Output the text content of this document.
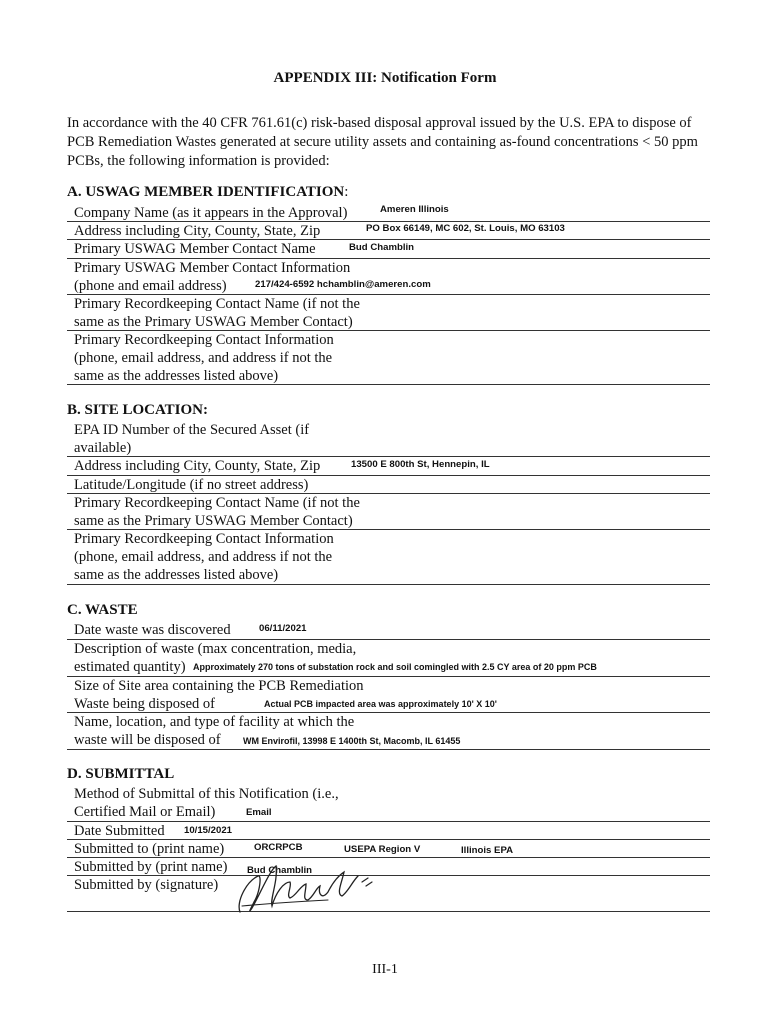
APPENDIX III: Notification Form
In accordance with the 40 CFR 761.61(c) risk-based disposal approval issued by the U.S. EPA to dispose of PCB Remediation Wastes generated at secure utility assets and containing as-found concentrations < 50 ppm PCBs, the following information is provided:
A. USWAG MEMBER IDENTIFICATION:
Company Name (as it appears in the Approval)	Ameren Illinois
Address including City, County, State, Zip	PO Box 66149, MC 602, St. Louis, MO 63103
Primary USWAG Member Contact Name	Bud Chamblin
Primary USWAG Member Contact Information
(phone and email address)	217/424-6592 hchamblin@ameren.com
Primary Recordkeeping Contact Name (if not the
same as the Primary USWAG Member Contact)
Primary Recordkeeping Contact Information
(phone, email address, and address if not the
same as the addresses listed above)
B. SITE LOCATION:
EPA ID Number of the Secured Asset (if
available)
Address including City, County, State, Zip	13500 E 800th St, Hennepin, IL
Latitude/Longitude (if no street address)
Primary Recordkeeping Contact Name (if not the
same as the Primary USWAG Member Contact)
Primary Recordkeeping Contact Information
(phone, email address, and address if not the
same as the addresses listed above)
C. WASTE
Date waste was discovered	06/11/2021
Description of waste (max concentration, media,
estimated quantity) Approximately 270 tons of substation rock and soil comingled with 2.5 CY area of 20 ppm PCB
Size of Site area containing the PCB Remediation
Waste being disposed of	Actual PCB impacted area was approximately 10' X 10'
Name, location, and type of facility at which the
waste will be disposed of WM Envirofil, 13998 E 1400th St, Macomb, IL 61455
D. SUBMITTAL
Method of Submittal of this Notification (i.e.,
Certified Mail or Email)	Email
Date Submitted 10/15/2021
Submitted to (print name)	ORCRPCB	USEPA Region V	Illinois EPA
Submitted by (print name) Bud Chamblin
Submitted by (signature)
III-1
